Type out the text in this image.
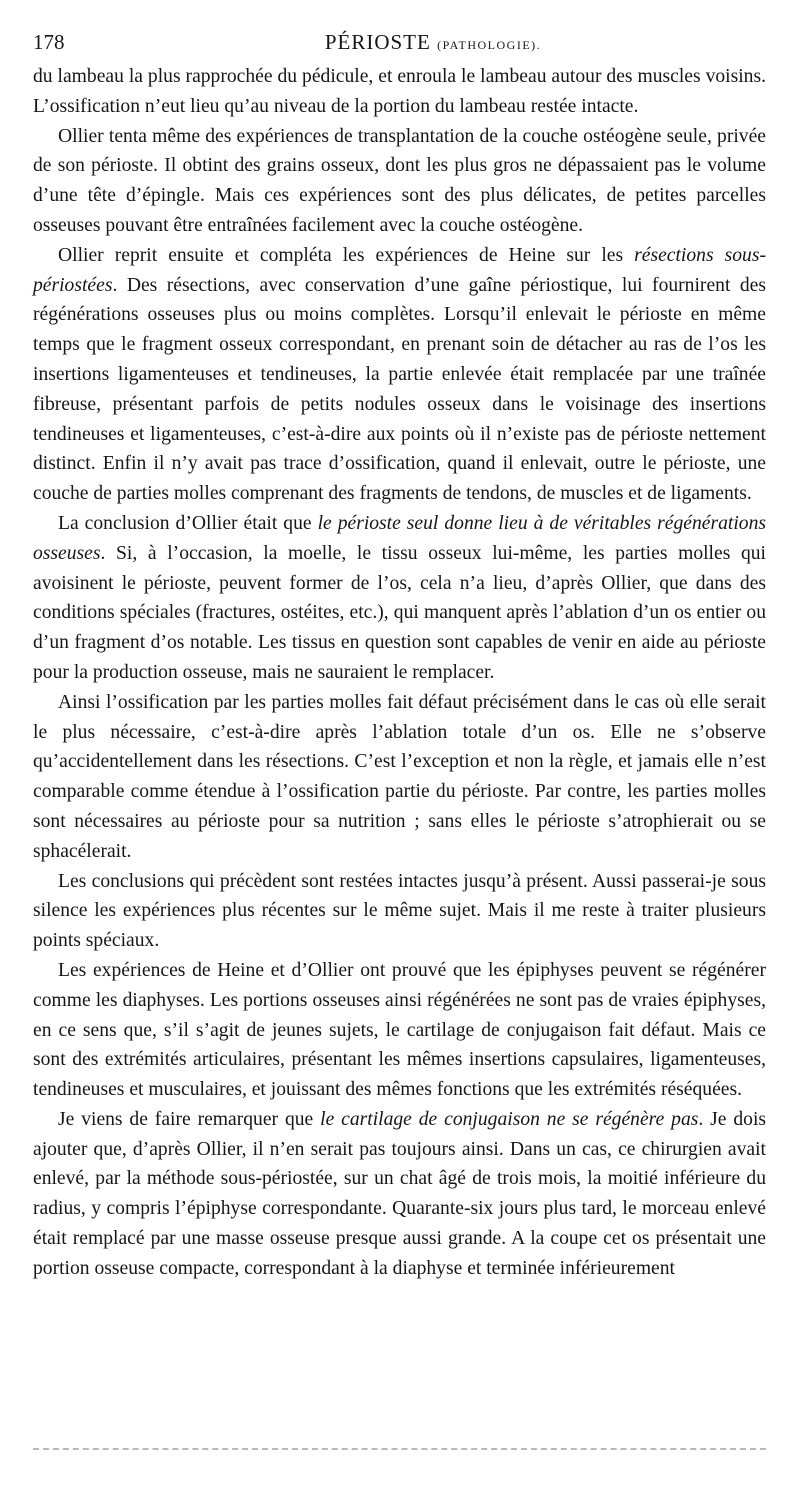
178	PÉRIOSTE (PATHOLOGIE).

du lambeau la plus rapprochée du pédicule, et enroula le lambeau autour des muscles voisins. L’ossification n’eut lieu qu’au niveau de la portion du lambeau restée intacte.

Ollier tenta même des expériences de transplantation de la couche ostéogène seule, privée de son périoste. Il obtint des grains osseux, dont les plus gros ne dépassaient pas le volume d’une tête d’épingle. Mais ces expériences sont des plus délicates, de petites parcelles osseuses pouvant être entraînées facilement avec la couche ostéogène.

Ollier reprit ensuite et compléta les expériences de Heine sur les résections sous-périostées. Des résections, avec conservation d’une gaîne périostique, lui fournirent des régénérations osseuses plus ou moins complètes. Lorsqu’il enlevait le périoste en même temps que le fragment osseux correspondant, en prenant soin de détacher au ras de l’os les insertions ligamenteuses et tendineuses, la partie enlevée était remplacée par une traînée fibreuse, présentant parfois de petits nodules osseux dans le voisinage des insertions tendineuses et ligamenteuses, c’est-à-dire aux points où il n’existe pas de périoste nettement distinct. Enfin il n’y avait pas trace d’ossification, quand il enlevait, outre le périoste, une couche de parties molles comprenant des fragments de tendons, de muscles et de ligaments.

La conclusion d’Ollier était que le périoste seul donne lieu à de véritables régénérations osseuses. Si, à l’occasion, la moelle, le tissu osseux lui-même, les parties molles qui avoisinent le périoste, peuvent former de l’os, cela n’a lieu, d’après Ollier, que dans des conditions spéciales (fractures, ostéites, etc.), qui manquent après l’ablation d’un os entier ou d’un fragment d’os notable. Les tissus en question sont capables de venir en aide au périoste pour la production osseuse, mais ne sauraient le remplacer.

Ainsi l’ossification par les parties molles fait défaut précisément dans le cas où elle serait le plus nécessaire, c’est-à-dire après l’ablation totale d’un os. Elle ne s’observe qu’accidentellement dans les résections. C’est l’exception et non la règle, et jamais elle n’est comparable comme étendue à l’ossification partie du périoste. Par contre, les parties molles sont nécessaires au périoste pour sa nutrition ; sans elles le périoste s’atrophierait ou se sphacélerait.

Les conclusions qui précèdent sont restées intactes jusqu’à présent. Aussi passerai-je sous silence les expériences plus récentes sur le même sujet. Mais il me reste à traiter plusieurs points spéciaux.

Les expériences de Heine et d’Ollier ont prouvé que les épiphyses peuvent se régénérer comme les diaphyses. Les portions osseuses ainsi régénérées ne sont pas de vraies épiphyses, en ce sens que, s’il s’agit de jeunes sujets, le cartilage de conjugaison fait défaut. Mais ce sont des extrémités articulaires, présentant les mêmes insertions capsulaires, ligamenteuses, tendineuses et musculaires, et jouissant des mêmes fonctions que les extrémités réséquées.

Je viens de faire remarquer que le cartilage de conjugaison ne se régénère pas. Je dois ajouter que, d’après Ollier, il n’en serait pas toujours ainsi. Dans un cas, ce chirurgien avait enlevé, par la méthode sous-périostée, sur un chat âgé de trois mois, la moitié inférieure du radius, y compris l’épiphyse correspondante. Quarante-six jours plus tard, le morceau enlevé était remplacé par une masse osseuse presque aussi grande. A la coupe cet os présentait une portion osseuse compacte, correspondant à la diaphyse et terminée inférieurement
